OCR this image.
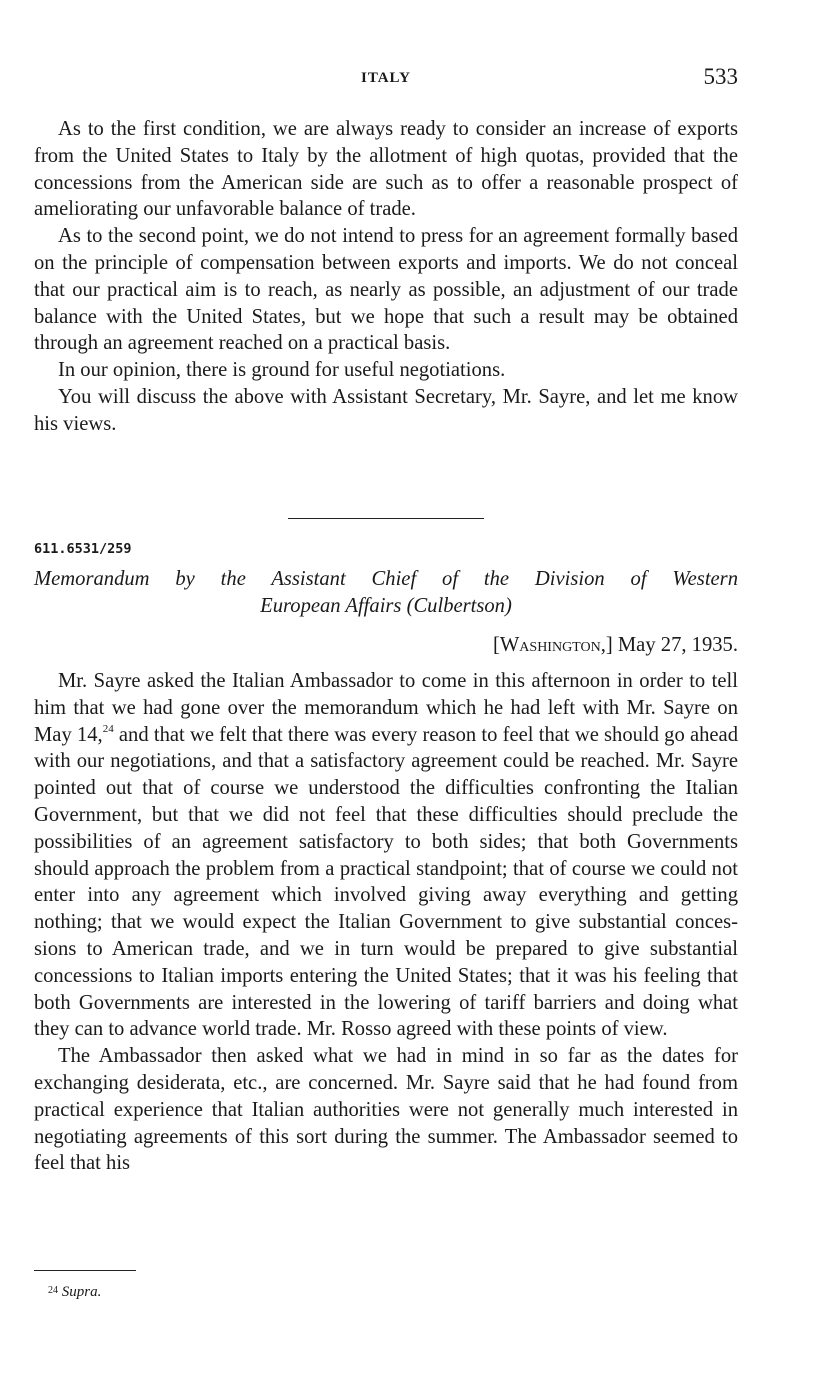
ITALY	533

As to the first condition, we are always ready to consider an increase of exports from the United States to Italy by the allotment of high quotas, provided that the concessions from the American side are such as to offer a reasonable prospect of ameliorating our unfavorable balance of trade.

As to the second point, we do not intend to press for an agreement formally based on the principle of compensation between exports and imports. We do not conceal that our practical aim is to reach, as nearly as possible, an adjustment of our trade balance with the United States, but we hope that such a result may be obtained through an agreement reached on a practical basis.

In our opinion, there is ground for useful negotiations.

You will discuss the above with Assistant Secretary, Mr. Sayre, and let me know his views.

611.6531/259
Memorandum by the Assistant Chief of the Division of Western
European Affairs (Culbertson)
[Washington,] May 27, 1935.

Mr. Sayre asked the Italian Ambassador to come in this afternoon in order to tell him that we had gone over the memorandum which he had left with Mr. Sayre on May 14,24 and that we felt that there was every reason to feel that we should go ahead with our negotiations, and that a satisfactory agreement could be reached. Mr. Sayre pointed out that of course we understood the difficulties confronting the Italian Government, but that we did not feel that these difficulties should preclude the possibilities of an agreement satisfactory to both sides; that both Governments should approach the problem from a practical standpoint; that of course we could not enter into any agreement which involved giving away everything and getting nothing; that we would expect the Italian Government to give substantial concessions to American trade, and we in turn would be prepared to give substantial concessions to Italian imports entering the United States; that it was his feeling that both Governments are interested in the lowering of tariff barriers and doing what they can to advance world trade. Mr. Rosso agreed with these points of view.

The Ambassador then asked what we had in mind in so far as the dates for exchanging desiderata, etc., are concerned. Mr. Sayre said that he had found from practical experience that Italian authorities were not generally much interested in negotiating agreements of this sort during the summer. The Ambassador seemed to feel that his

$^{24}$ Supra.
